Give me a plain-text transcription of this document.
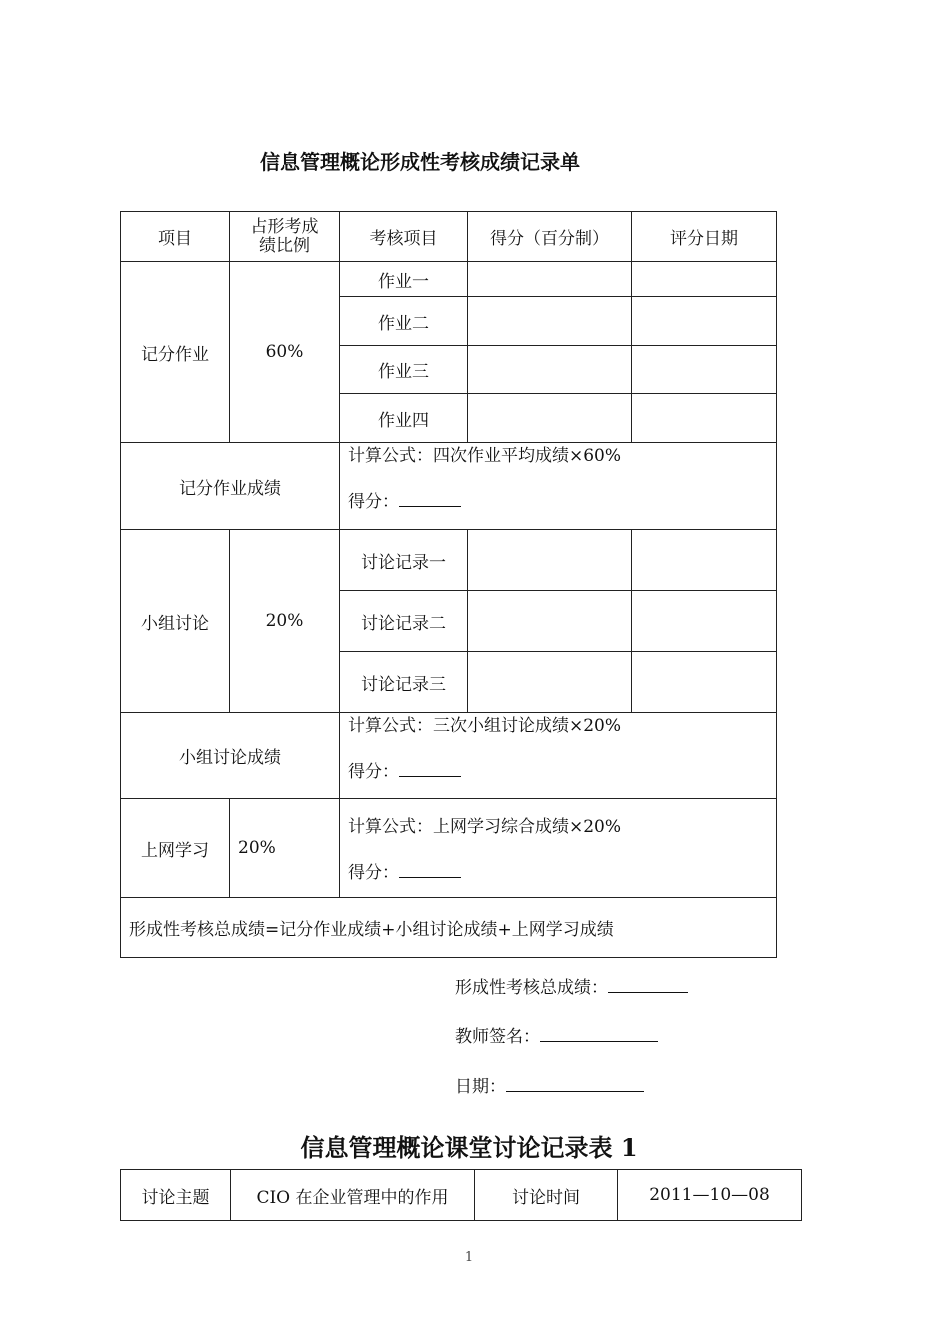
信息管理概论形成性考核成绩记录单
项目	占形考成绩比例	考核项目	得分（百分制）	评分日期
记分作业	60%	作业一		
		作业二		
		作业三		
		作业四		
记分作业成绩		计算公式：四次作业平均成绩×60%
得分：		

小组讨论	20%	讨论记录一		
		讨论记录二		
		讨论记录三		
小组讨论成绩		计算公式：三次小组讨论成绩×20%
得分：		

上网学习	20%	计算公式：上网学习综合成绩×20%
得分：		

形成性考核总成绩=记分作业成绩+小组讨论成绩+上网学习成绩				
形成性考核总成绩：
教师签名：
日期：
信息管理概论课堂讨论记录表 1
讨论主题	CIO 在企业管理中的作用	讨论时间	2011—10—08
1
